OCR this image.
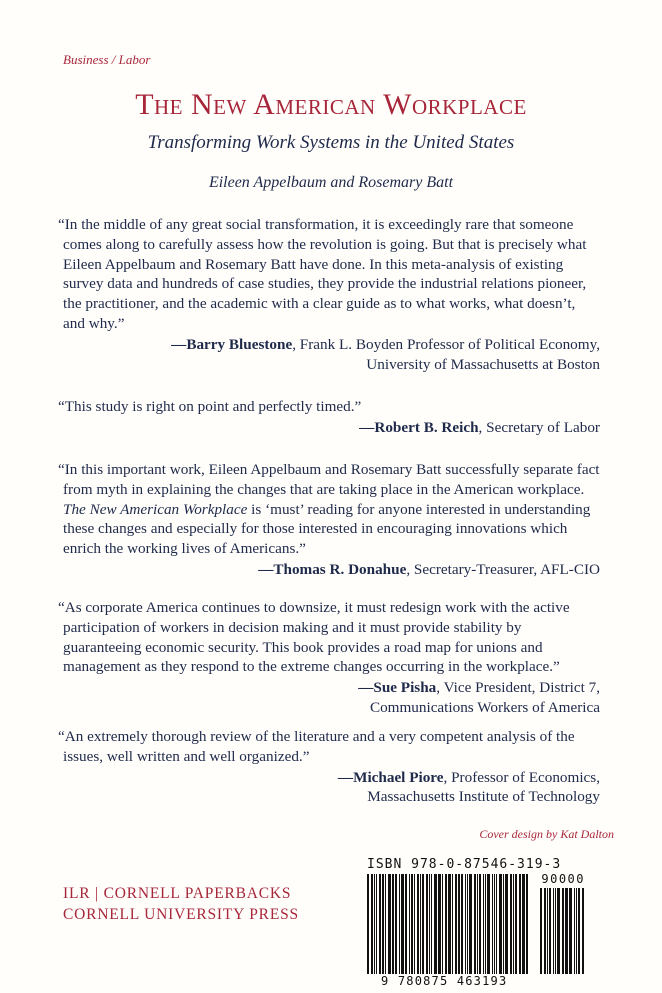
Business / Labor
The New American Workplace
Transforming Work Systems in the United States
Eileen Appelbaum and Rosemary Batt

“In the middle of any great social transformation, it is exceedingly rare that someone comes along to carefully assess how the revolution is going. But that is precisely what Eileen Appelbaum and Rosemary Batt have done. In this meta-analysis of existing survey data and hundreds of case studies, they provide the industrial relations pioneer, the practitioner, and the academic with a clear guide as to what works, what doesn’t, and why.”

—Barry Bluestone, Frank L. Boyden Professor of Political Economy,
University of Massachusetts at Boston

“This study is right on point and perfectly timed.”

—Robert B. Reich, Secretary of Labor

“In this important work, Eileen Appelbaum and Rosemary Batt successfully separate fact from myth in explaining the changes that are taking place in the American workplace. The New American Workplace is ‘must’ reading for anyone interested in understanding these changes and especially for those interested in encouraging innovations which enrich the working lives of Americans.”

—Thomas R. Donahue, Secretary-Treasurer, AFL-CIO

“As corporate America continues to downsize, it must redesign work with the active participation of workers in decision making and it must provide stability by guaranteeing economic security. This book provides a road map for unions and management as they respond to the extreme changes occurring in the workplace.”

—Sue Pisha, Vice President, District 7,
Communications Workers of America

“An extremely thorough review of the literature and a very competent analysis of the issues, well written and well organized.”

—Michael Piore, Professor of Economics,
Massachusetts Institute of Technology
Cover design by Kat Dalton
ILR | CORNELL PAPERBACKS
CORNELL UNIVERSITY PRESS
ISBN 978-0-87546-319-3
90000
9 780875 463193
